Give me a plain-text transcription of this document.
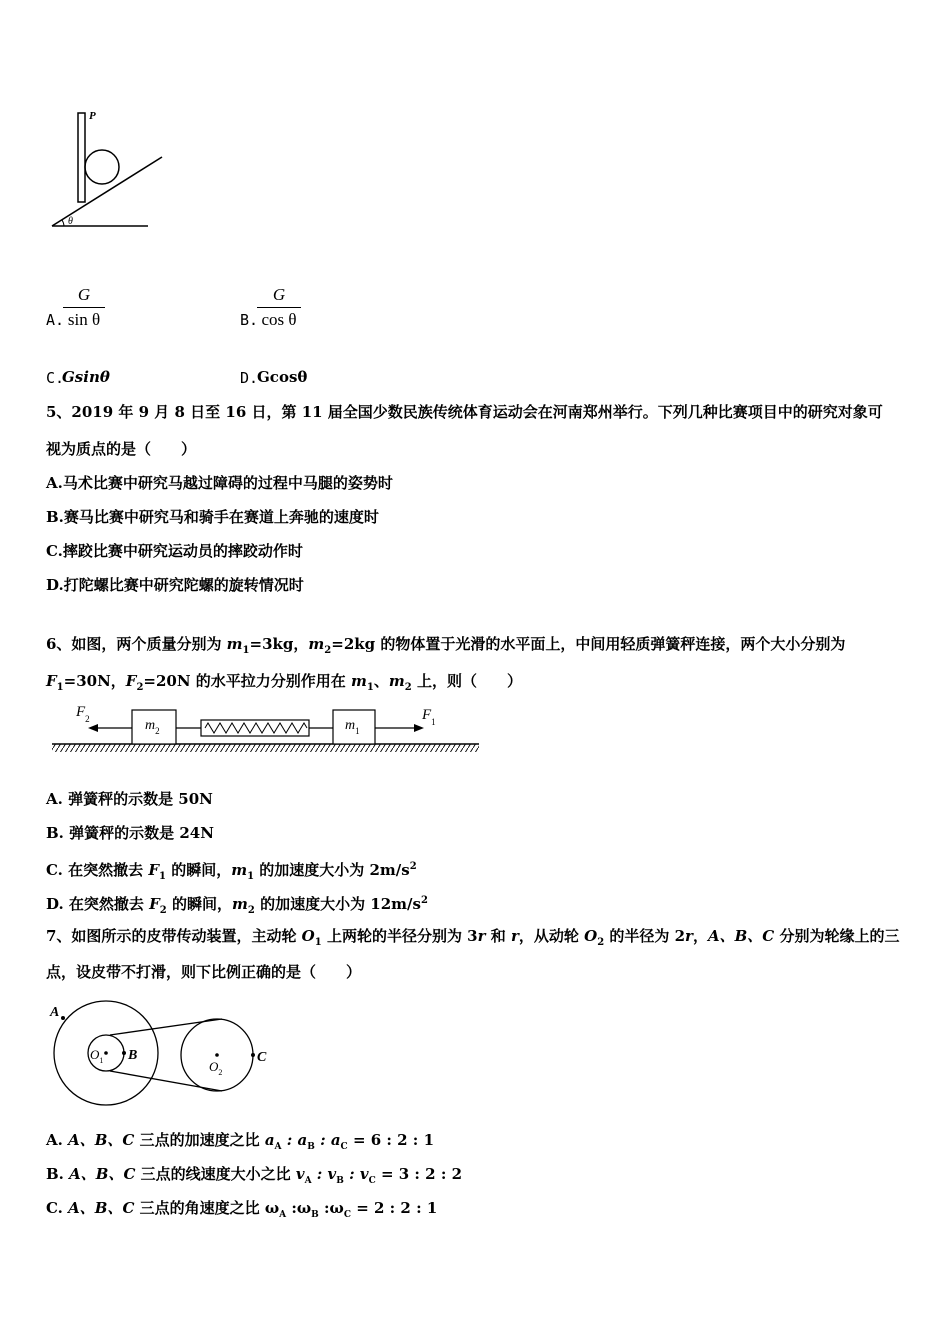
P
θ
A.
G
sin θ	B.
G
cos θ
C.
Gsinθ	D.
Gcosθ
5、2019 年 9 月 8 日至 16 日，第 11 届全国少数民族传统体育运动会在河南郑州举行。下列几种比赛项目中的研究对象可
视为质点的是（　　）
A.马术比赛中研究马越过障碍的过程中马腿的姿势时
B.赛马比赛中研究马和骑手在赛道上奔驰的速度时
C.摔跤比赛中研究运动员的摔跤动作时
D.打陀螺比赛中研究陀螺的旋转情况时
6、如图，两个质量分别为 $m_1=3kg$，$m_2=2kg$ 的物体置于光滑的水平面上，中间用轻质弹簧秤连接，两个大小分别为
$F_1=30N$，$F_2=20N$ 的水平拉力分别作用在 $m_1$、$m_2$ 上，则（　　）
$F_2$	$m_2$	$m_1$
$F_1$
A. 弹簧秤的示数是 50N
B. 弹簧秤的示数是 24N
C. 在突然撤去 $F_1$ 的瞬间，$m_1$ 的加速度大小为 $2m/s^2$
D. 在突然撤去 $F_2$ 的瞬间，$m_2$ 的加速度大小为 $12m/s^2$
7、如图所示的皮带传动装置，主动轮 $O_1$ 上两轮的半径分别为 3r 和 r，从动轮 $O_2$ 的半径为 2r，A、B、C 分别为轮缘上的三
点，设皮带不打滑，则下比例正确的是（　　）
A
B	C
$O_1$	$O_2$
A. A、B、C 三点的加速度之比 $a_A$ : $a_B$ : $a_C = 6$ : 2 : 1
B. A、B、C 三点的线速度大小之比 $v_A$ : $v_B$ : $v_C = 3$ : 2 : 2
C. A、B、C 三点的角速度之比 $\omega_A$ $:\omega_B$ $:\omega_C = 2$ : 2 : 1
